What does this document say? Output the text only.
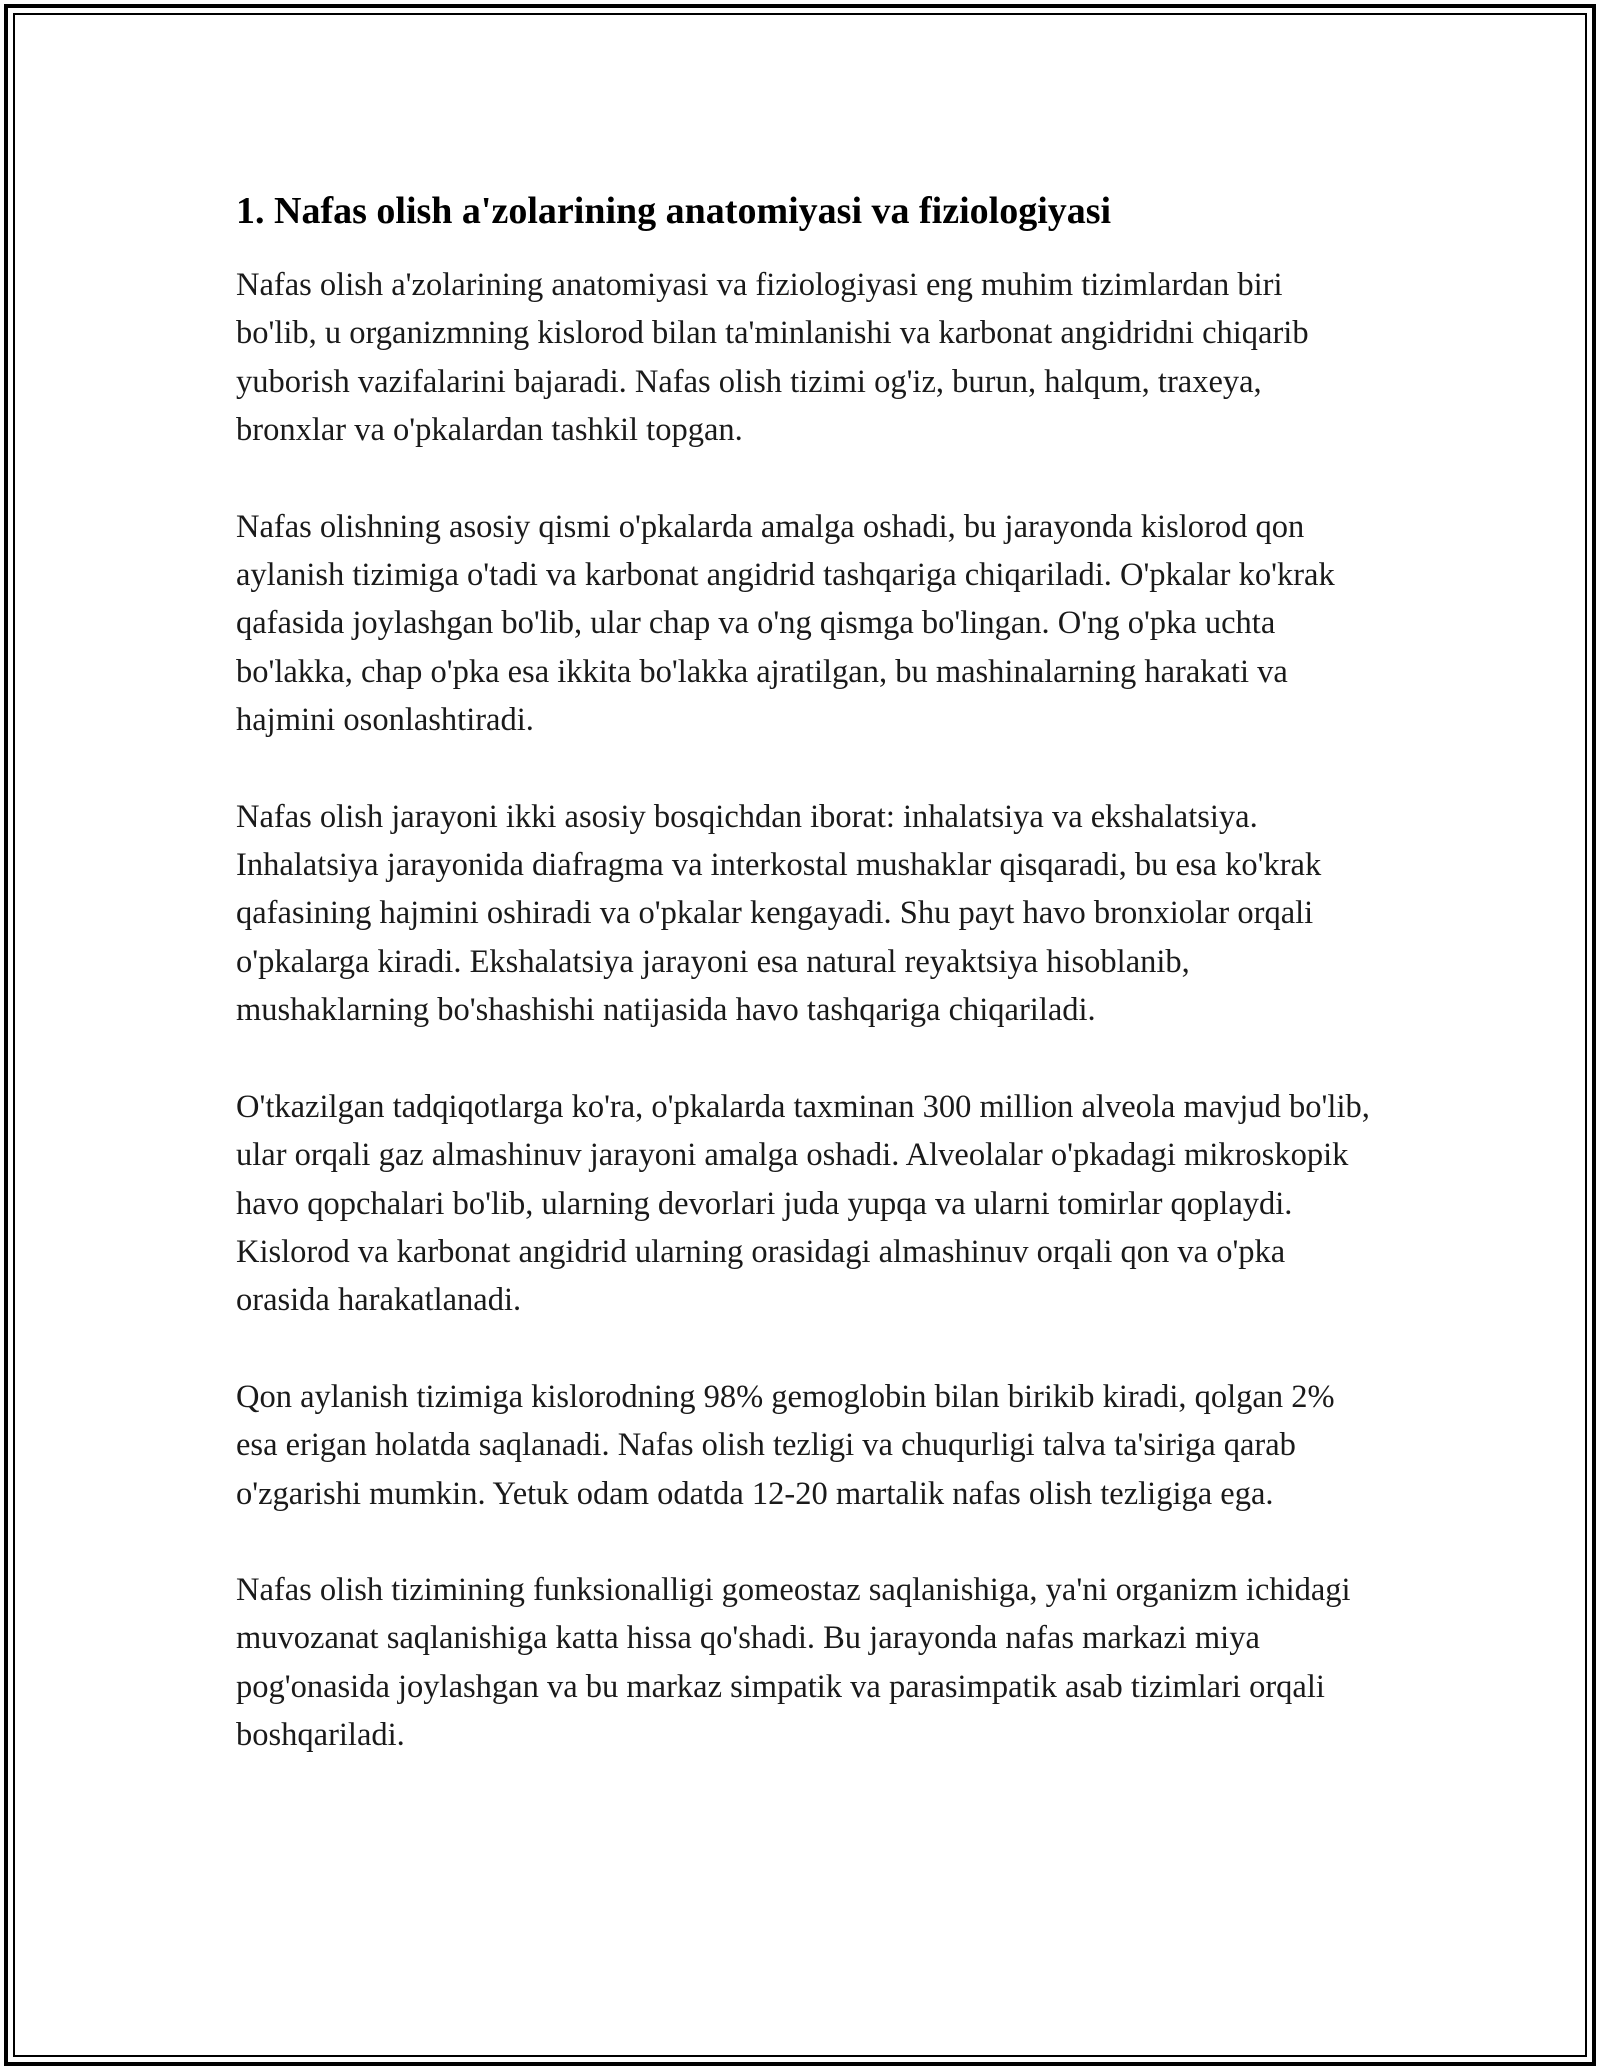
1. Nafas olish a'zolarining anatomiyasi va fiziologiyasi

Nafas olish a'zolarining anatomiyasi va fiziologiyasi eng muhim tizimlardan biri bo'lib, u organizmning kislorod bilan ta'minlanishi va karbonat angidridni chiqarib yuborish vazifalarini bajaradi. Nafas olish tizimi og'iz, burun, halqum, traxeya, bronxlar va o'pkalardan tashkil topgan.

Nafas olishning asosiy qismi o'pkalarda amalga oshadi, bu jarayonda kislorod qon aylanish tizimiga o'tadi va karbonat angidrid tashqariga chiqariladi. O'pkalar ko'krak qafasida joylashgan bo'lib, ular chap va o'ng qismga bo'lingan. O'ng o'pka uchta bo'lakka, chap o'pka esa ikkita bo'lakka ajratilgan, bu mashinalarning harakati va hajmini osonlashtiradi.

Nafas olish jarayoni ikki asosiy bosqichdan iborat: inhalatsiya va ekshalatsiya. Inhalatsiya jarayonida diafragma va interkostal mushaklar qisqaradi, bu esa ko'krak qafasining hajmini oshiradi va o'pkalar kengayadi. Shu payt havo bronxiolar orqali o'pkalarga kiradi. Ekshalatsiya jarayoni esa natural reyaktsiya hisoblanib, mushaklarning bo'shashishi natijasida havo tashqariga chiqariladi.

O'tkazilgan tadqiqotlarga ko'ra, o'pkalarda taxminan 300 million alveola mavjud bo'lib, ular orqali gaz almashinuv jarayoni amalga oshadi. Alveolalar o'pkadagi mikroskopik havo qopchalari bo'lib, ularning devorlari juda yupqa va ularni tomirlar qoplaydi. Kislorod va karbonat angidrid ularning orasidagi almashinuv orqali qon va o'pka orasida harakatlanadi.

Qon aylanish tizimiga kislorodning 98% gemoglobin bilan birikib kiradi, qolgan 2% esa erigan holatda saqlanadi. Nafas olish tezligi va chuqurligi talva ta'siriga qarab o'zgarishi mumkin. Yetuk odam odatda 12-20 martalik nafas olish tezligiga ega.

Nafas olish tizimining funksionalligi gomeostaz saqlanishiga, ya'ni organizm ichidagi muvozanat saqlanishiga katta hissa qo'shadi. Bu jarayonda nafas markazi miya pog'onasida joylashgan va bu markaz simpatik va parasimpatik asab tizimlari orqali boshqariladi.
